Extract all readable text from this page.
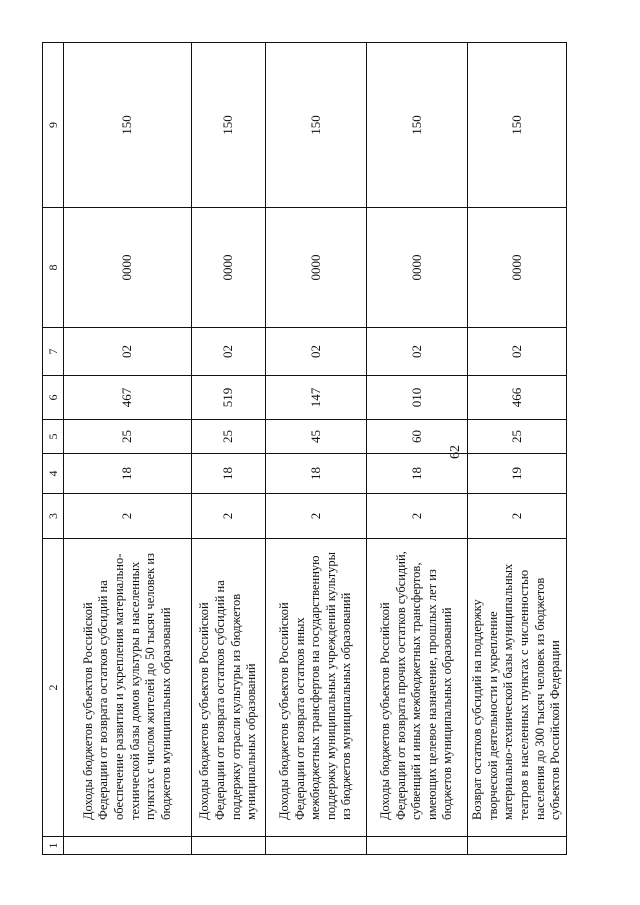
62
1	2	3	4	5	6	7	8	9
	Доходы бюджетов субъектов Российской Федерации от возврата остатков субсидий на обеспечение развития и укрепления материально-технической базы домов культуры в населенных пунктах с числом жителей до 50 тысяч человек из бюджетов муниципальных образований	2	18	25	467	02	0000	150
	Доходы бюджетов субъектов Российской Федерации от возврата остатков субсидий на поддержку отрасли культуры из бюджетов муниципальных образований	2	18	25	519	02	0000	150
	Доходы бюджетов субъектов Российской Федерации от возврата остатков иных межбюджетных трансфертов на государственную поддержку муниципальных учреждений культуры из бюджетов муниципальных образований	2	18	45	147	02	0000	150
	Доходы бюджетов субъектов Российской Федерации от возврата прочих остатков субсидий, субвенций и иных межбюджетных трансфертов, имеющих целевое назначение, прошлых лет из бюджетов муниципальных образований	2	18	60	010	02	0000	150
	Возврат остатков субсидий на поддержку творческой деятельности и укрепление материально-технической базы муниципальных театров в населенных пунктах с численностью населения до 300 тысяч человек из бюджетов субъектов Российской Федерации	2	19	25	466	02	0000	150
